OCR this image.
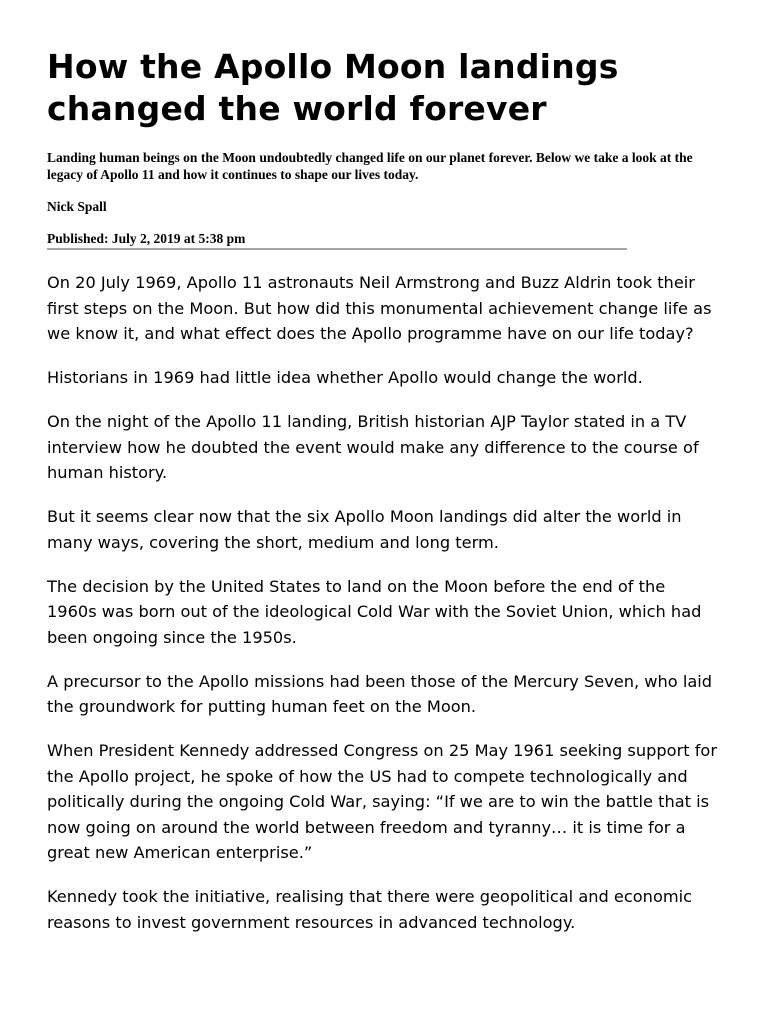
How the Apollo Moon landings changed the world forever

Landing human beings on the Moon undoubtedly changed life on our planet forever. Below we take a look at the legacy of Apollo 11 and how it continues to shape our lives today.

Nick Spall

Published: July 2, 2019 at 5:38 pm

On 20 July 1969, Apollo 11 astronauts Neil Armstrong and Buzz Aldrin took their first steps on the Moon. But how did this monumental achievement change life as we know it, and what effect does the Apollo programme have on our life today?

Historians in 1969 had little idea whether Apollo would change the world.

On the night of the Apollo 11 landing, British historian AJP Taylor stated in a TV interview how he doubted the event would make any difference to the course of human history.

But it seems clear now that the six Apollo Moon landings did alter the world in many ways, covering the short, medium and long term.

The decision by the United States to land on the Moon before the end of the 1960s was born out of the ideological Cold War with the Soviet Union, which had been ongoing since the 1950s.

A precursor to the Apollo missions had been those of the Mercury Seven, who laid the groundwork for putting human feet on the Moon.

When President Kennedy addressed Congress on 25 May 1961 seeking support for the Apollo project, he spoke of how the US had to compete technologically and politically during the ongoing Cold War, saying: “If we are to win the battle that is now going on around the world between freedom and tyranny… it is time for a great new American enterprise.”

Kennedy took the initiative, realising that there were geopolitical and economic reasons to invest government resources in advanced technology.
